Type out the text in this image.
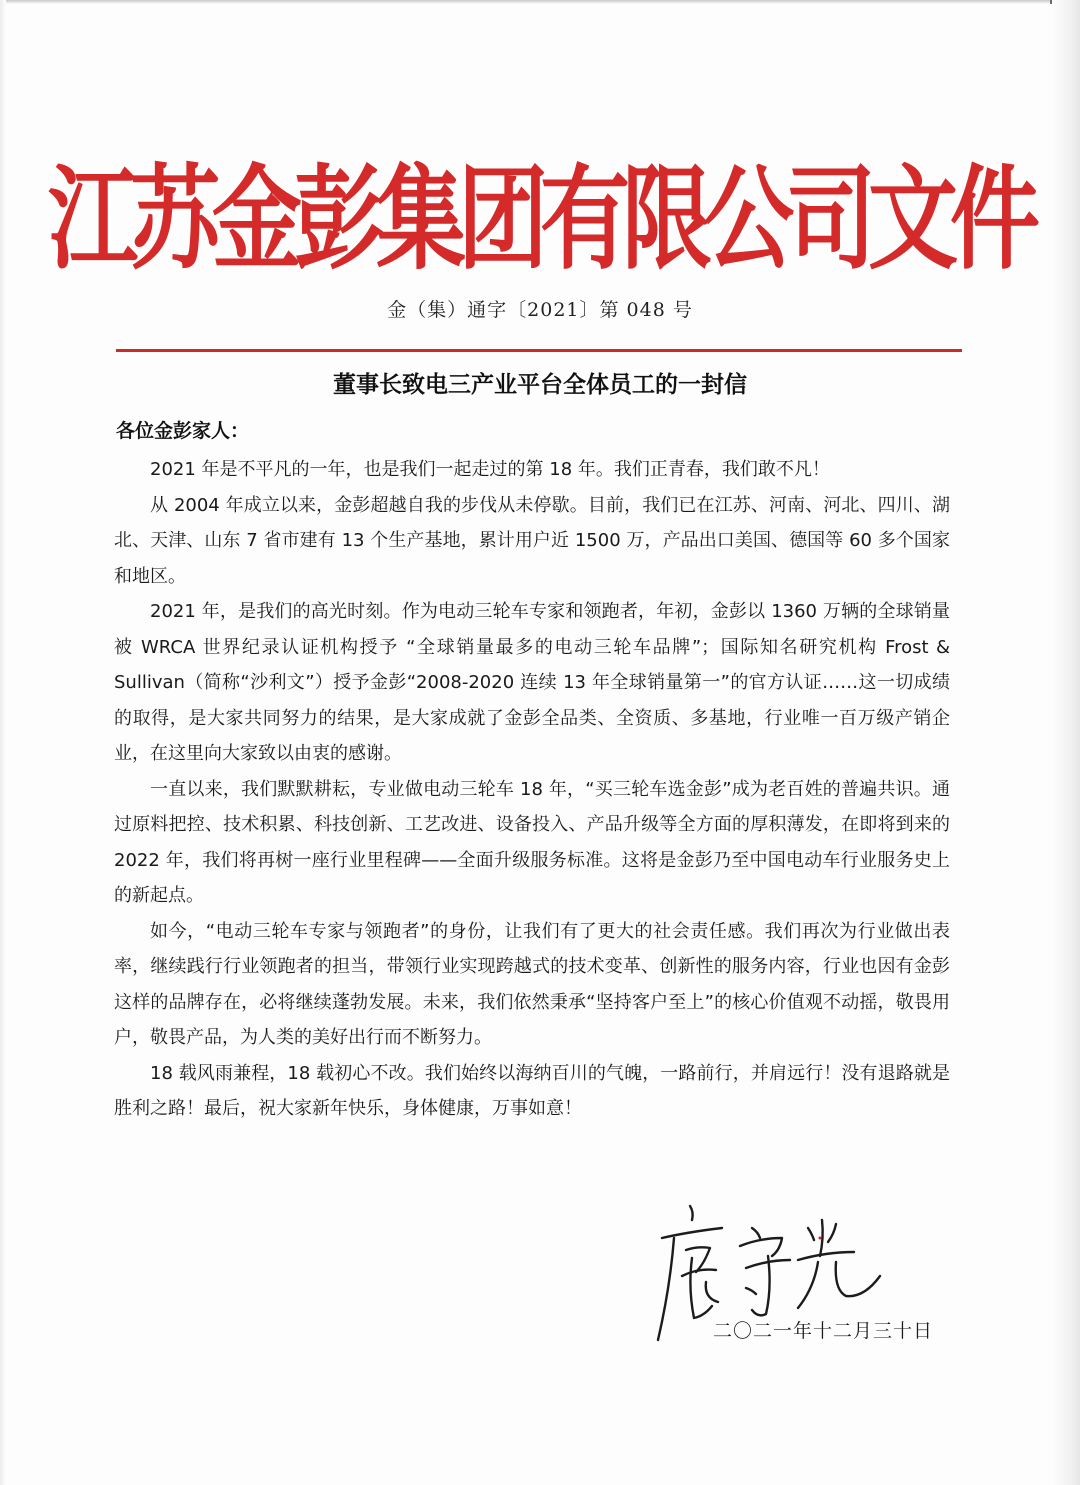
江苏金彭集团有限公司文件
金（集）通字〔2021〕第 048 号
董事长致电三产业平台全体员工的一封信
各位金彭家人：

2021 年是不平凡的一年，也是我们一起走过的第 18 年。我们正青春，我们敢不凡！

从 2004 年成立以来，金彭超越自我的步伐从未停歇。目前，我们已在江苏、河南、河北、四川、湖北、天津、山东 7 省市建有 13 个生产基地，累计用户近 1500 万，产品出口美国、德国等 60 多个国家和地区。

2021 年，是我们的高光时刻。作为电动三轮车专家和领跑者，年初，金彭以 1360 万辆的全球销量被 WRCA 世界纪录认证机构授予 “全球销量最多的电动三轮车品牌”；国际知名研究机构 Frost & Sullivan（简称“沙利文”）授予金彭“2008-2020 连续 13 年全球销量第一”的官方认证……这一切成绩的取得，是大家共同努力的结果，是大家成就了金彭全品类、全资质、多基地，行业唯一百万级产销企业，在这里向大家致以由衷的感谢。

一直以来，我们默默耕耘，专业做电动三轮车 18 年，“买三轮车选金彭”成为老百姓的普遍共识。通过原料把控、技术积累、科技创新、工艺改进、设备投入、产品升级等全方面的厚积薄发，在即将到来的 2022 年，我们将再树一座行业里程碑——全面升级服务标准。这将是金彭乃至中国电动车行业服务史上的新起点。

如今，“电动三轮车专家与领跑者”的身份，让我们有了更大的社会责任感。我们再次为行业做出表率，继续践行行业领跑者的担当，带领行业实现跨越式的技术变革、创新性的服务内容，行业也因有金彭这样的品牌存在，必将继续蓬勃发展。未来，我们依然秉承“坚持客户至上”的核心价值观不动摇，敬畏用户，敬畏产品，为人类的美好出行而不断努力。

18 载风雨兼程，18 载初心不改。我们始终以海纳百川的气魄，一路前行，并肩远行！没有退路就是胜利之路！最后，祝大家新年快乐，身体健康，万事如意！

二〇二一年十二月三十日
